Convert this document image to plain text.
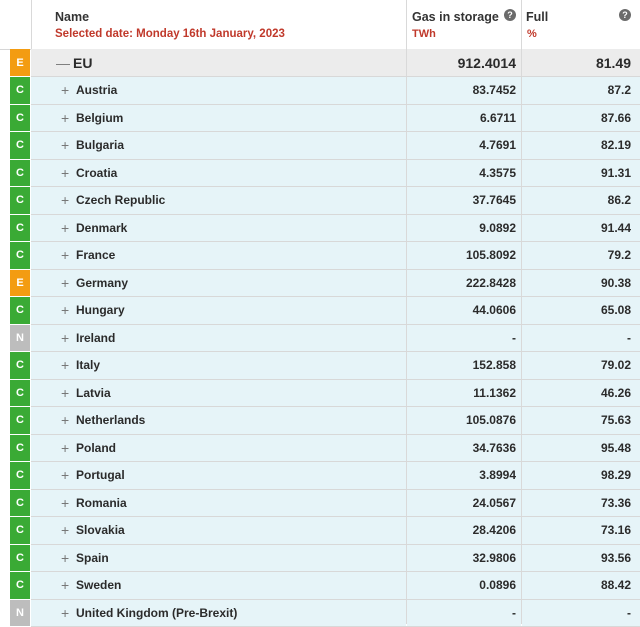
Name
Selected date: Monday 16th January, 2023
Gas in storage
TWh
? Full
%
?
E	— EU	912.4014	81.49
C	+ Austria	83.7452	87.2
C	+ Belgium	6.6711	87.66
C	+ Bulgaria	4.7691	82.19
C	+ Croatia	4.3575	91.31
C	+ Czech Republic	37.7645	86.2
C	+ Denmark	9.0892	91.44
C	+ France	105.8092	79.2
E	+ Germany	222.8428	90.38
C	+ Hungary	44.0606	65.08
N	+ Ireland	-	-
C	+ Italy	152.858	79.02
C	+ Latvia	11.1362	46.26
C	+ Netherlands	105.0876	75.63
C	+ Poland	34.7636	95.48
C	+ Portugal	3.8994	98.29
C	+ Romania	24.0567	73.36
C	+ Slovakia	28.4206	73.16
C	+ Spain	32.9806	93.56
C	+ Sweden	0.0896	88.42
N	+ United Kingdom (Pre-Brexit)	-	-
